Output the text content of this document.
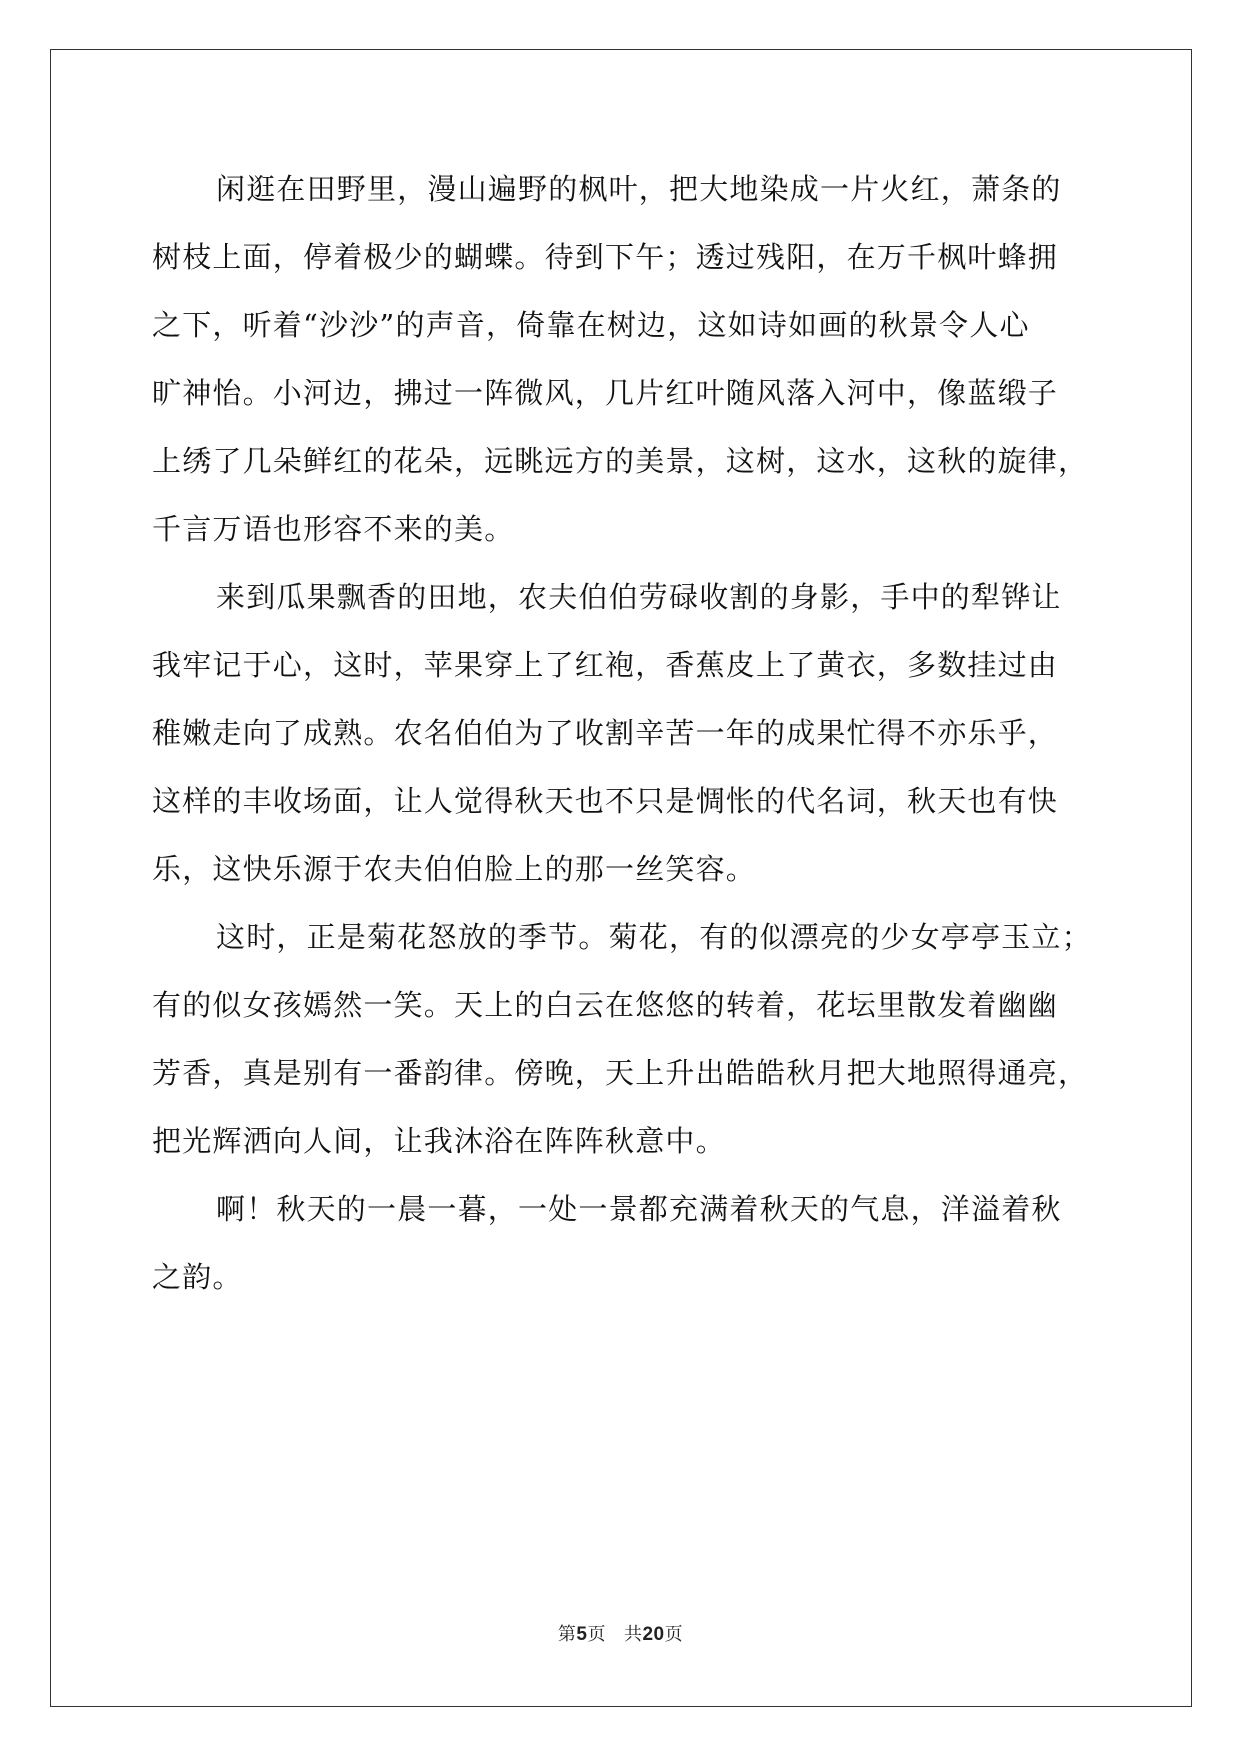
闲逛在田野里，漫山遍野的枫叶，把大地染成一片火红，萧条的
树枝上面，停着极少的蝴蝶。待到下午；透过残阳，在万千枫叶蜂拥
之下，听着“沙沙”的声音，倚靠在树边，这如诗如画的秋景令人心
旷神怡。小河边，拂过一阵微风，几片红叶随风落入河中，像蓝缎子
上绣了几朵鲜红的花朵，远眺远方的美景，这树，这水，这秋的旋律，
千言万语也形容不来的美。

来到瓜果飘香的田地，农夫伯伯劳碌收割的身影，手中的犁铧让
我牢记于心，这时，苹果穿上了红袍，香蕉皮上了黄衣，多数挂过由
稚嫩走向了成熟。农名伯伯为了收割辛苦一年的成果忙得不亦乐乎，
这样的丰收场面，让人觉得秋天也不只是惆怅的代名词，秋天也有快
乐，这快乐源于农夫伯伯脸上的那一丝笑容。

这时，正是菊花怒放的季节。菊花，有的似漂亮的少女亭亭玉立；
有的似女孩嫣然一笑。天上的白云在悠悠的转着，花坛里散发着幽幽
芳香，真是别有一番韵律。傍晚，天上升出皓皓秋月把大地照得通亮，
把光辉洒向人间，让我沐浴在阵阵秋意中。

啊！秋天的一晨一暮，一处一景都充满着秋天的气息，洋溢着秋
之韵。

第5页 共20页
